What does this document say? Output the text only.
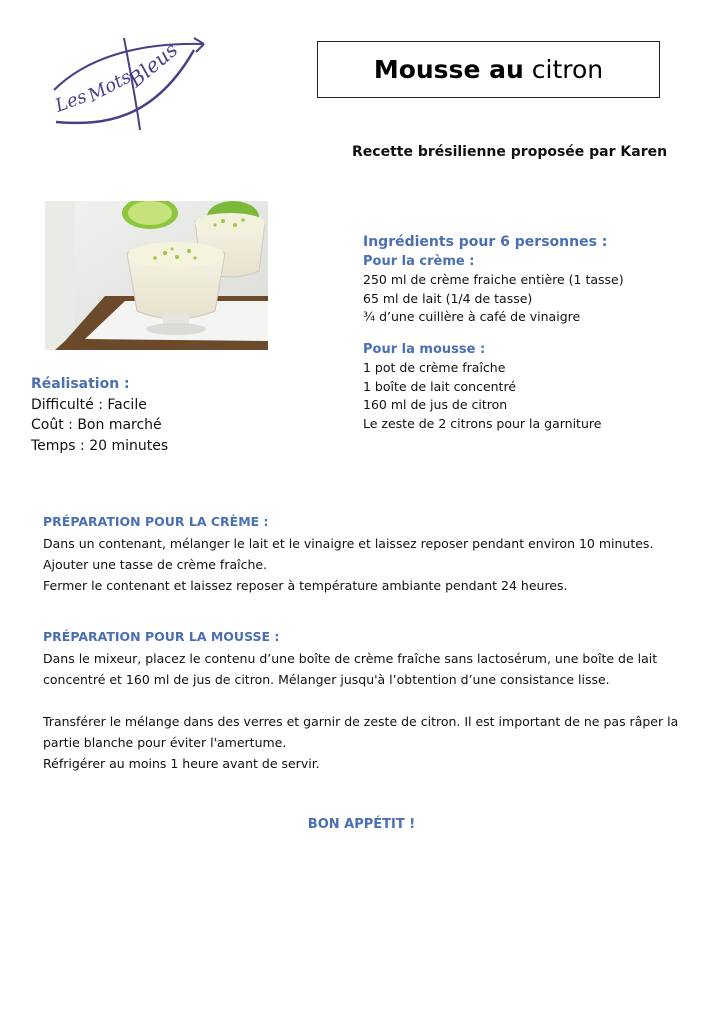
Les
Mots
Bleus	Mousse au citron
Recette brésilienne proposée par Karen
Réalisation :
Difficulté : Facile
Coût : Bon marché
Temps : 20 minutes
Ingrédients pour 6 personnes :
Pour la crème :
250 ml de crème fraiche entière (1 tasse)
65 ml de lait (1/4 de tasse)
¾ d’une cuillère à café de vinaigre
Pour la mousse :
1 pot de crème fraîche
1 boîte de lait concentré
160 ml de jus de citron
Le zeste de 2 citrons pour la garniture
PRÉPARATION POUR LA CRÈME :
Dans un contenant, mélanger le lait et le vinaigre et laissez reposer pendant environ 10 minutes.
Ajouter une tasse de crème fraîche.
Fermer le contenant et laissez reposer à température ambiante pendant 24 heures.
PRÉPARATION POUR LA MOUSSE :
Dans le mixeur, placez le contenu d’une boîte de crème fraîche sans lactosérum, une boîte de lait concentré et 160 ml de jus de citron. Mélanger jusqu'à l’obtention d’une consistance lisse.
Transférer le mélange dans des verres et garnir de zeste de citron. Il est important de ne pas râper la partie blanche pour éviter l'amertume.
Réfrigérer au moins 1 heure avant de servir.
BON APPÉTIT !
